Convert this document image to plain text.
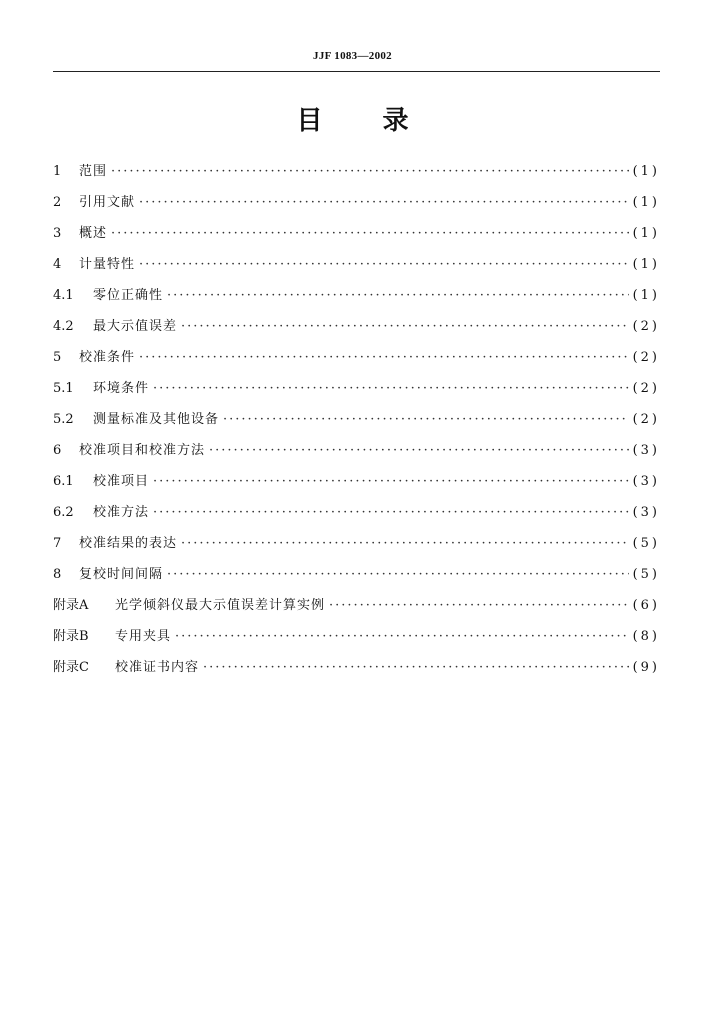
JJF 1083—2002
目 录
1	范围 ·····	(1)
2	引用文献 ·····	(1)
3	概述 ·····	(1)
4	计量特性 ·····	(1)
4.1	零位正确性 ·····	(1)
4.2	最大示值误差 ·····	(2)
5	校准条件 ·····	(2)
5.1	环境条件 ·····	(2)
5.2	测量标准及其他设备 ·····	(2)
6	校准项目和校准方法 ·····	(3)
6.1	校准项目 ·····	(3)
6.2	校准方法 ·····	(3)
7	校准结果的表达 ·····	(5)
8	复校时间间隔 ·····	(5)
附录A	光学倾斜仪最大示值误差计算实例 ·····	(6)
附录B	专用夹具 ·····	(8)
附录C	校准证书内容 ·····	(9)
